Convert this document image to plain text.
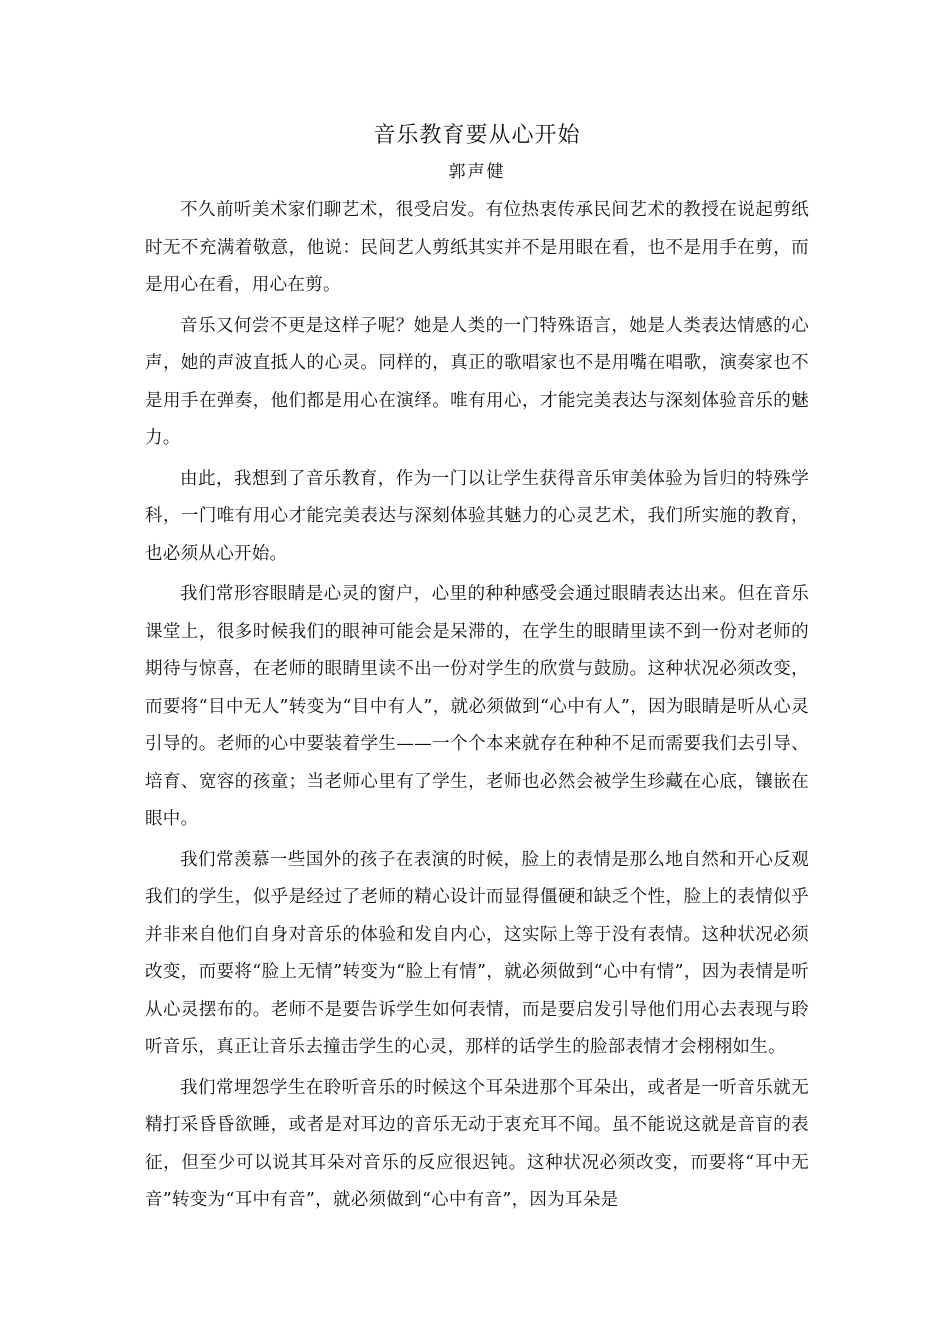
音乐教育要从心开始
郭声健

不久前听美术家们聊艺术，很受启发。有位热衷传承民间艺术的教授在说起剪纸时无不充满着敬意，他说：民间艺人剪纸其实并不是用眼在看，也不是用手在剪，而是用心在看，用心在剪。

音乐又何尝不更是这样子呢？她是人类的一门特殊语言，她是人类表达情感的心声，她的声波直抵人的心灵。同样的，真正的歌唱家也不是用嘴在唱歌，演奏家也不是用手在弹奏，他们都是用心在演绎。唯有用心，才能完美表达与深刻体验音乐的魅力。

由此，我想到了音乐教育，作为一门以让学生获得音乐审美体验为旨归的特殊学科，一门唯有用心才能完美表达与深刻体验其魅力的心灵艺术，我们所实施的教育，也必须从心开始。

我们常形容眼睛是心灵的窗户，心里的种种感受会通过眼睛表达出来。但在音乐课堂上，很多时候我们的眼神可能会是呆滞的，在学生的眼睛里读不到一份对老师的期待与惊喜，在老师的眼睛里读不出一份对学生的欣赏与鼓励。这种状况必须改变，而要将“目中无人”转变为“目中有人”，就必须做到“心中有人”，因为眼睛是听从心灵引导的。老师的心中要装着学生——一个个本来就存在种种不足而需要我们去引导、培育、宽容的孩童；当老师心里有了学生，老师也必然会被学生珍藏在心底，镶嵌在眼中。

我们常羡慕一些国外的孩子在表演的时候，脸上的表情是那么地自然和开心反观我们的学生，似乎是经过了老师的精心设计而显得僵硬和缺乏个性，脸上的表情似乎并非来自他们自身对音乐的体验和发自内心，这实际上等于没有表情。这种状况必须改变，而要将“脸上无情”转变为“脸上有情”，就必须做到“心中有情”，因为表情是听从心灵摆布的。老师不是要告诉学生如何表情，而是要启发引导他们用心去表现与聆听音乐，真正让音乐去撞击学生的心灵，那样的话学生的脸部表情才会栩栩如生。

我们常埋怨学生在聆听音乐的时候这个耳朵进那个耳朵出，或者是一听音乐就无精打采昏昏欲睡，或者是对耳边的音乐无动于衷充耳不闻。虽不能说这就是音盲的表征，但至少可以说其耳朵对音乐的反应很迟钝。这种状况必须改变，而要将“耳中无音”转变为“耳中有音”，就必须做到“心中有音”，因为耳朵是
